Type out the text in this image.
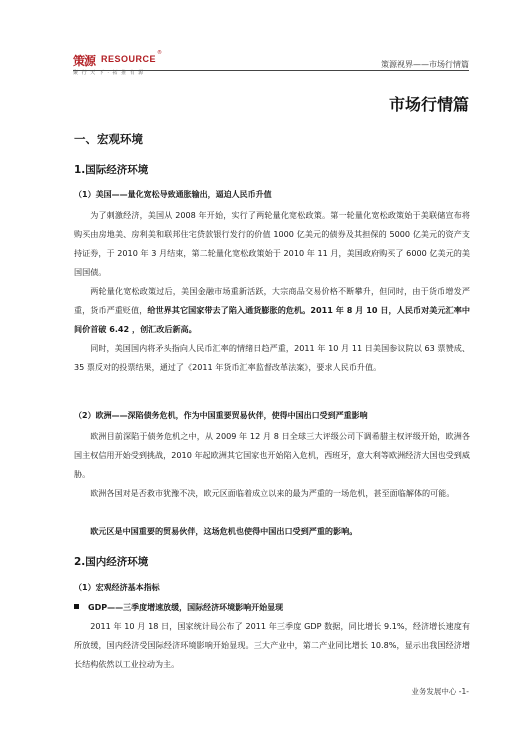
策源 RESOURCE
®
聚 行 天 下 · 拓 推 有 源
策源视界——市场行情篇
市场行情篇
一、宏观环境
1.国际经济环境
（1）美国——量化宽松导致通胀输出，逼迫人民币升值

为了刺激经济，美国从 2008 年开始，实行了两轮量化宽松政策。第一轮量化宽松政策始于美联储宣布将购买由房地美、房利美和联邦住宅贷款银行发行的价值 1000 亿美元的债券及其担保的 5000 亿美元的资产支持证券，于 2010 年 3 月结束，第二轮量化宽松政策始于 2010 年 11 月，美国政府购买了 6000 亿美元的美国国债。

两轮量化宽松政策过后，美国金融市场重新活跃，大宗商品交易价格不断攀升，但同时，由于货币增发严重，货币严重贬值，给世界其它国家带去了陷入通货膨胀的危机。2011 年 8 月 10 日，人民币对美元汇率中间价首破 6.42 ，创汇改后新高。

同时，美国国内将矛头指向人民币汇率的情绪日趋严重，2011 年 10 月 11 日美国参议院以 63 票赞成、35 票反对的投票结果，通过了《2011 年货币汇率监督改革法案》，要求人民币升值。

（2）欧洲——深陷债务危机，作为中国重要贸易伙伴，使得中国出口受到严重影响

欧洲目前深陷于债务危机之中，从 2009 年 12 月 8 日全球三大评级公司下调希腊主权评级开始，欧洲各国主权信用开始受到挑战，2010 年起欧洲其它国家也开始陷入危机，西班牙，意大利等欧洲经济大国也受到威胁。

欧洲各国对是否救市犹豫不决，欧元区面临着成立以来的最为严重的一场危机，甚至面临解体的可能。

欧元区是中国重要的贸易伙伴，这场危机也使得中国出口受到严重的影响。

2.国内经济环境
（1）宏观经济基本指标
GDP——三季度增速放缓，国际经济环境影响开始显现

2011 年 10 月 18 日，国家统计局公布了 2011 年三季度 GDP 数据，同比增长 9.1%，经济增长速度有所放缓，国内经济受国际经济环境影响开始显现。三大产业中，第二产业同比增长 10.8%，显示出我国经济增长结构依然以工业拉动为主。

业务发展中心 -1-
